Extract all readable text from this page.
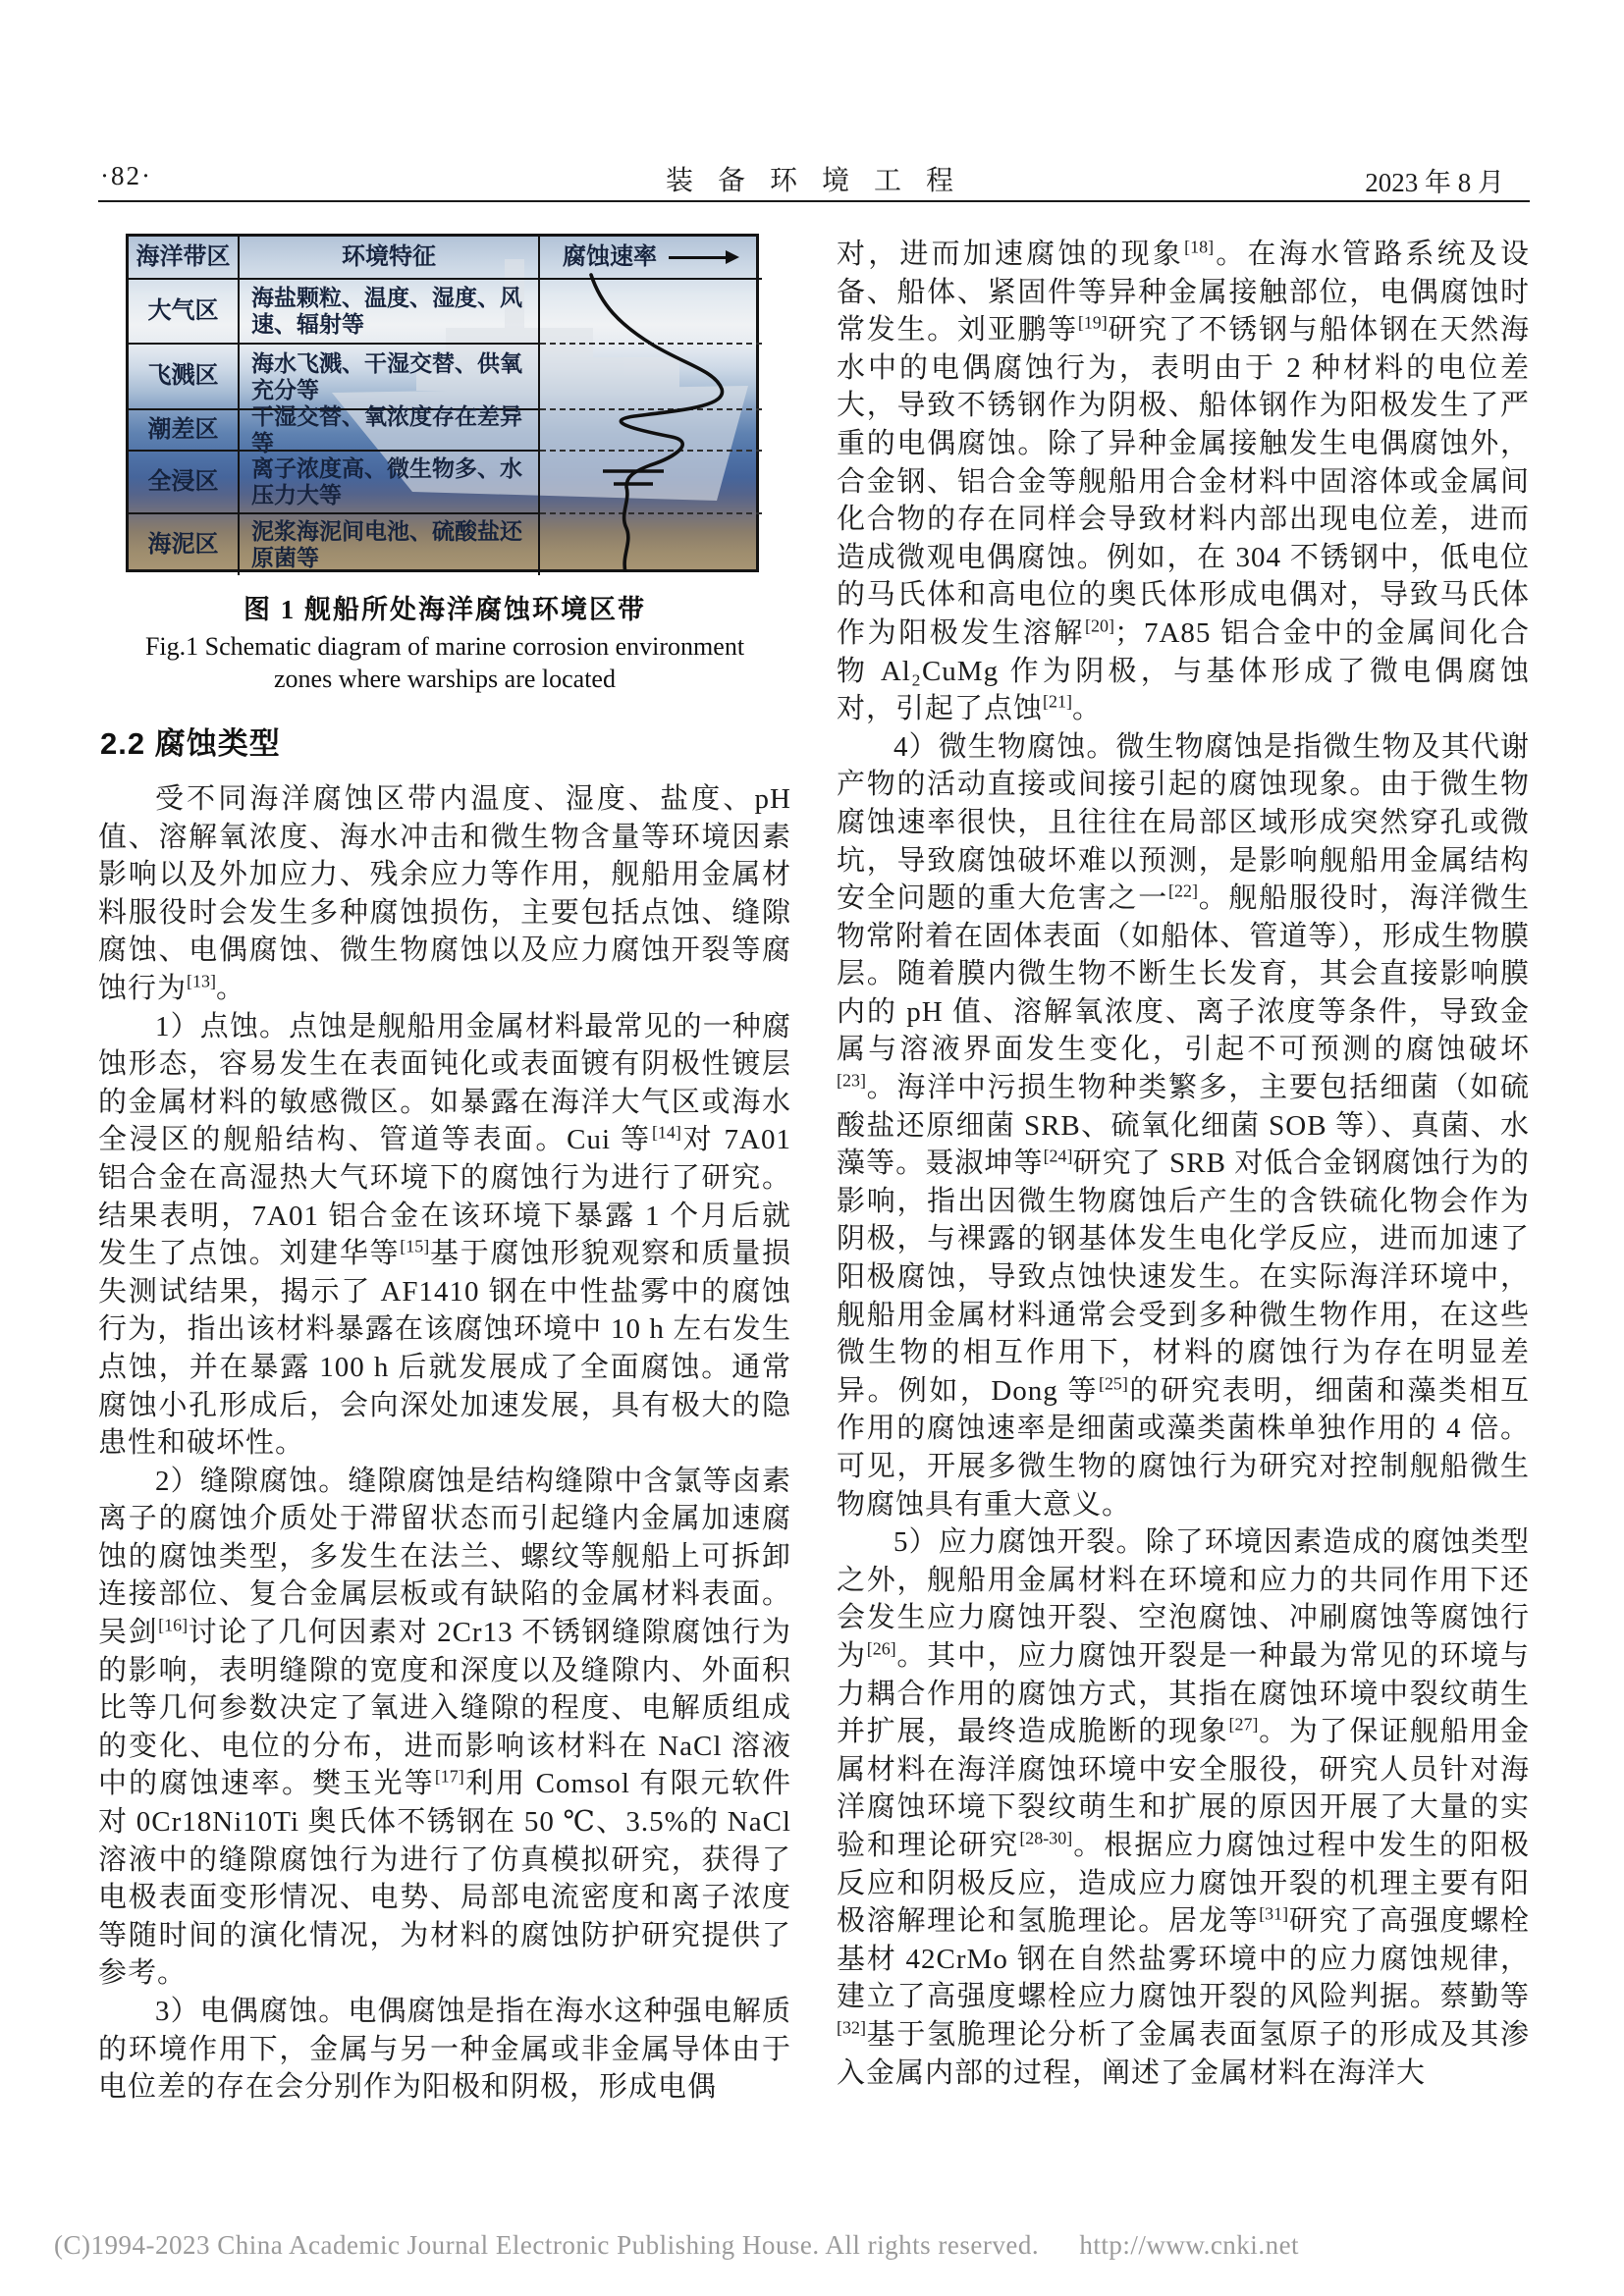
·82·	装 备 环 境 工 程	2023 年 8 月
海洋带区	环境特征	腐蚀速率
大气区	海盐颗粒、温度、湿度、风速、辐射等
飞溅区	海水飞溅、干湿交替、供氧充分等
潮差区	干湿交替、氧浓度存在差异等
全浸区	离子浓度高、微生物多、水压力大等
海泥区	泥浆海泥间电池、硫酸盐还原菌等
图 1 舰船所处海洋腐蚀环境区带
Fig.1 Schematic diagram of marine corrosion environment
zones where warships are located
2.2 腐蚀类型

受不同海洋腐蚀区带内温度、湿度、盐度、pH值、溶解氧浓度、海水冲击和微生物含量等环境因素影响以及外加应力、残余应力等作用，舰船用金属材料服役时会发生多种腐蚀损伤，主要包括点蚀、缝隙腐蚀、电偶腐蚀、微生物腐蚀以及应力腐蚀开裂等腐蚀行为[13]。

1）点蚀。点蚀是舰船用金属材料最常见的一种腐蚀形态，容易发生在表面钝化或表面镀有阴极性镀层的金属材料的敏感微区。如暴露在海洋大气区或海水全浸区的舰船结构、管道等表面。Cui 等[14]对 7A01 铝合金在高湿热大气环境下的腐蚀行为进行了研究。结果表明，7A01 铝合金在该环境下暴露 1 个月后就发生了点蚀。刘建华等[15]基于腐蚀形貌观察和质量损失测试结果，揭示了 AF1410 钢在中性盐雾中的腐蚀行为，指出该材料暴露在该腐蚀环境中 10 h 左右发生点蚀，并在暴露 100 h 后就发展成了全面腐蚀。通常腐蚀小孔形成后，会向深处加速发展，具有极大的隐患性和破坏性。

2）缝隙腐蚀。缝隙腐蚀是结构缝隙中含氯等卤素离子的腐蚀介质处于滞留状态而引起缝内金属加速腐蚀的腐蚀类型，多发生在法兰、螺纹等舰船上可拆卸连接部位、复合金属层板或有缺陷的金属材料表面。吴剑[16]讨论了几何因素对 2Cr13 不锈钢缝隙腐蚀行为的影响，表明缝隙的宽度和深度以及缝隙内、外面积比等几何参数决定了氧进入缝隙的程度、电解质组成的变化、电位的分布，进而影响该材料在 NaCl 溶液中的腐蚀速率。樊玉光等[17]利用 Comsol 有限元软件对 0Cr18Ni10Ti 奥氏体不锈钢在 50 ℃、3.5%的 NaCl 溶液中的缝隙腐蚀行为进行了仿真模拟研究，获得了电极表面变形情况、电势、局部电流密度和离子浓度等随时间的演化情况，为材料的腐蚀防护研究提供了参考。

3）电偶腐蚀。电偶腐蚀是指在海水这种强电解质的环境作用下，金属与另一种金属或非金属导体由于电位差的存在会分别作为阳极和阴极，形成电偶

对，进而加速腐蚀的现象[18]。在海水管路系统及设备、船体、紧固件等异种金属接触部位，电偶腐蚀时常发生。刘亚鹏等[19]研究了不锈钢与船体钢在天然海水中的电偶腐蚀行为，表明由于 2 种材料的电位差大，导致不锈钢作为阴极、船体钢作为阳极发生了严重的电偶腐蚀。除了异种金属接触发生电偶腐蚀外，合金钢、铝合金等舰船用合金材料中固溶体或金属间化合物的存在同样会导致材料内部出现电位差，进而造成微观电偶腐蚀。例如，在 304 不锈钢中，低电位的马氏体和高电位的奥氏体形成电偶对，导致马氏体作为阳极发生溶解[20]；7A85 铝合金中的金属间化合物 Al₂CuMg 作为阴极，与基体形成了微电偶腐蚀对，引起了点蚀[21]。

4）微生物腐蚀。微生物腐蚀是指微生物及其代谢产物的活动直接或间接引起的腐蚀现象。由于微生物腐蚀速率很快，且往往在局部区域形成突然穿孔或微坑，导致腐蚀破坏难以预测，是影响舰船用金属结构安全问题的重大危害之一[22]。舰船服役时，海洋微生物常附着在固体表面（如船体、管道等），形成生物膜层。随着膜内微生物不断生长发育，其会直接影响膜内的 pH 值、溶解氧浓度、离子浓度等条件，导致金属与溶液界面发生变化，引起不可预测的腐蚀破坏[23]。海洋中污损生物种类繁多，主要包括细菌（如硫酸盐还原细菌 SRB、硫氧化细菌 SOB 等）、真菌、水藻等。聂淑坤等[24]研究了 SRB 对低合金钢腐蚀行为的影响，指出因微生物腐蚀后产生的含铁硫化物会作为阴极，与裸露的钢基体发生电化学反应，进而加速了阳极腐蚀，导致点蚀快速发生。在实际海洋环境中，舰船用金属材料通常会受到多种微生物作用，在这些微生物的相互作用下，材料的腐蚀行为存在明显差异。例如，Dong 等[25]的研究表明，细菌和藻类相互作用的腐蚀速率是细菌或藻类菌株单独作用的 4 倍。可见，开展多微生物的腐蚀行为研究对控制舰船微生物腐蚀具有重大意义。

5）应力腐蚀开裂。除了环境因素造成的腐蚀类型之外，舰船用金属材料在环境和应力的共同作用下还会发生应力腐蚀开裂、空泡腐蚀、冲刷腐蚀等腐蚀行为[26]。其中，应力腐蚀开裂是一种最为常见的环境与力耦合作用的腐蚀方式，其指在腐蚀环境中裂纹萌生并扩展，最终造成脆断的现象[27]。为了保证舰船用金属材料在海洋腐蚀环境中安全服役，研究人员针对海洋腐蚀环境下裂纹萌生和扩展的原因开展了大量的实验和理论研究[28-30]。根据应力腐蚀过程中发生的阳极反应和阴极反应，造成应力腐蚀开裂的机理主要有阳极溶解理论和氢脆理论。居龙等[31]研究了高强度螺栓基材 42CrMo 钢在自然盐雾环境中的应力腐蚀规律，建立了高强度螺栓应力腐蚀开裂的风险判据。蔡勤等[32]基于氢脆理论分析了金属表面氢原子的形成及其渗入金属内部的过程，阐述了金属材料在海洋大

(C)1994-2023 China Academic Journal Electronic Publishing House. All rights reserved. http://www.cnki.net
